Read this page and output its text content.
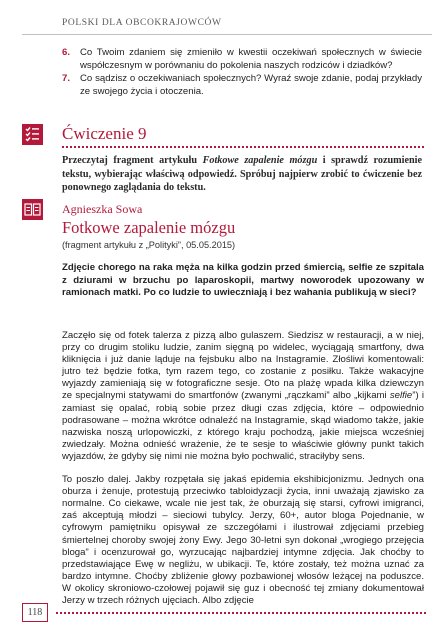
POLSKI DLA OBCOKRAJOWCÓW
6.	Co Twoim zdaniem się zmieniło w kwestii oczekiwań społecznych w świecie współczesnym w porównaniu do pokolenia naszych rodziców i dziadków?
7.	Co sądzisz o oczekiwaniach społecznych? Wyraź swoje zdanie, podaj przykłady ze swojego życia i otoczenia.
Ćwiczenie 9
Przeczytaj fragment artykułu Fotkowe zapalenie mózgu i sprawdź rozumienie tekstu, wybierając właściwą odpowiedź. Spróbuj najpierw zrobić to ćwiczenie bez ponownego zaglądania do tekstu.
Agnieszka Sowa
Fotkowe zapalenie mózgu
(fragment artykułu z „Polityki”, 05.05.2015)
Zdjęcie chorego na raka męża na kilka godzin przed śmiercią, selfie ze szpitala z dziurami w brzuchu po laparoskopii, martwy noworodek upozowany w ramionach matki. Po co ludzie to uwieczniają i bez wahania publikują w sieci?

Zaczęło się od fotek talerza z pizzą albo gulaszem. Siedzisz w restauracji, a w niej, przy co drugim stoliku ludzie, zanim sięgną po widelec, wyciągają smartfony, dwa kliknięcia i już danie ląduje na fejsbuku albo na Instagramie. Złośliwi komentowali: jutro też będzie fotka, tym razem tego, co zostanie z posiłku. Także wakacyjne wyjazdy zamieniają się w fotograficzne sesje. Oto na plażę wpada kilka dziewczyn ze specjalnymi statywami do smartfonów (zwanymi „rączkami” albo „kijkami selfie”) i zamiast się opalać, robią sobie przez długi czas zdjęcia, które – odpowiednio podrasowane – można wkrótce odnaleźć na Instagramie, skąd wiadomo także, jakie nazwiska noszą urlopowiczki, z którego kraju pochodzą, jakie miejsca wcześniej zwiedzały. Można odnieść wrażenie, że te sesje to właściwie główny punkt takich wyjazdów, że gdyby się nimi nie można było pochwalić, straciłyby sens.

To poszło dalej. Jakby rozpętała się jakaś epidemia ekshibicjonizmu. Jednych ona oburza i żenuje, protestują przeciwko tabloidyzacji życia, inni uważają zjawisko za normalne. Co ciekawe, wcale nie jest tak, że oburzają się starsi, cyfrowi imigranci, zaś akceptują młodzi – sieciowi tubylcy. Jerzy, 60+, autor bloga Pojednanie, w cyfrowym pamiętniku opisywał ze szczegółami i ilustrował zdjęciami przebieg śmiertelnej choroby swojej żony Ewy. Jego 30-letni syn dokonał „wrogiego przejęcia bloga” i ocenzurował go, wyrzucając najbardziej intymne zdjęcia. Jak choćby to przedstawiające Ewę w negliżu, w ubikacji. Te, które zostały, też można uznać za bardzo intymne. Choćby zbliżenie głowy pozbawionej włosów leżącej na poduszce. W okolicy skroniowo-czołowej pojawił się guz i obecność tej zmiany dokumentował Jerzy w trzech różnych ujęciach. Albo zdjęcie

118
